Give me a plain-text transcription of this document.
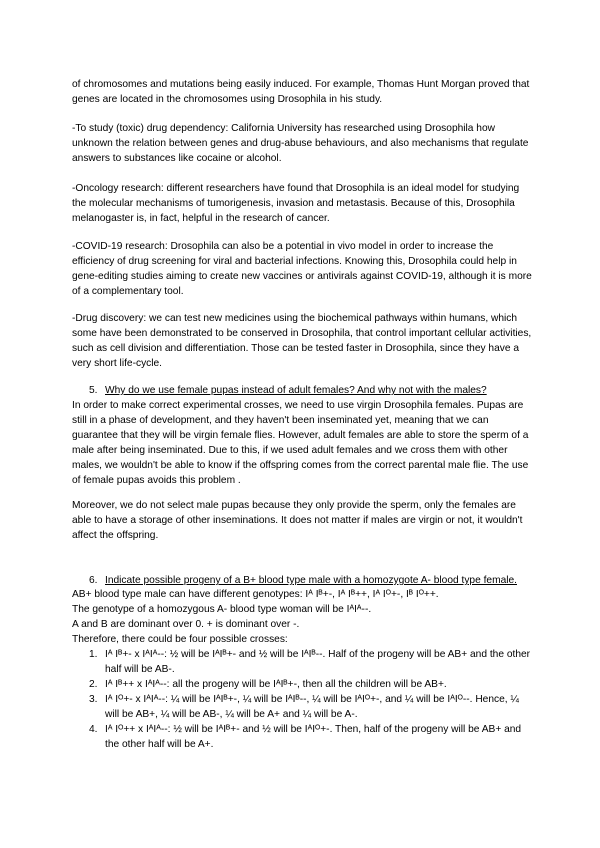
of chromosomes and mutations being easily induced. For example, Thomas Hunt Morgan proved that genes are located in the chromosomes using Drosophila in his study.

-To study (toxic) drug dependency: California University has researched using Drosophila how unknown the relation between genes and drug-abuse behaviours, and also mechanisms that regulate answers to substances like cocaine or alcohol.

-Oncology research: different researchers have found that Drosophila is an ideal model for studying the molecular mechanisms of tumorigenesis, invasion and metastasis. Because of this, Drosophila melanogaster is, in fact, helpful in the research of cancer.

-COVID-19 research: Drosophila can also be a potential in vivo model in order to increase the efficiency of drug screening for viral and bacterial infections. Knowing this, Drosophila could help in gene-editing studies aiming to create new vaccines or antivirals against COVID-19, although it is more of a complementary tool.

-Drug discovery: we can test new medicines using the biochemical pathways within humans, which some have been demonstrated to be conserved in Drosophila, that control important cellular activities, such as cell division and differentiation. Those can be tested faster in Drosophila, since they have a very short life-cycle.

5. Why do we use female pupas instead of adult females? And why not with the males?

In order to make correct experimental crosses, we need to use virgin Drosophila females. Pupas are still in a phase of development, and they haven't been inseminated yet, meaning that we can guarantee that they will be virgin female flies. However, adult females are able to store the sperm of a male after being inseminated. Due to this, if we used adult females and we cross them with other males, we wouldn't be able to know if the offspring comes from the correct parental male flie. The use of female pupas avoids this problem .

Moreover, we do not select male pupas because they only provide the sperm, only the females are able to have a storage of other inseminations. It does not matter if males are virgin or not, it wouldn't affect the offspring.

6. Indicate possible progeny of a B+ blood type male with a homozygote A- blood type female.

AB+ blood type male can have different genotypes: Iᴬ Iᴮ+-, Iᴬ Iᴮ++, Iᴬ Iᴼ+-, Iᴮ Iᴼ++.

The genotype of a homozygous A- blood type woman will be IᴬIᴬ--.

A and B are dominant over 0. + is dominant over -.

Therefore, there could be four possible crosses:

1. Iᴬ Iᴮ+- x IᴬIᴬ--: ½ will be IᴬIᴮ+- and ½ will be IᴬIᴮ--. Half of the progeny will be AB+ and the other half will be AB-.
2. Iᴬ Iᴮ++ x IᴬIᴬ--: all the progeny will be IᴬIᴮ+-, then all the children will be AB+.
3. Iᴬ Iᴼ+- x IᴬIᴬ--: ¼ will be IᴬIᴮ+-, ¼ will be IᴬIᴮ--, ¼ will be IᴬIᴼ+-, and ¼ will be IᴬIᴼ--. Hence, ¼ will be AB+, ¼ will be AB-, ¼ will be A+ and ¼ will be A-.
4. Iᴬ Iᴼ++ x IᴬIᴬ--: ½ will be IᴬIᴮ+- and ½ will be IᴬIᴼ+-. Then, half of the progeny will be AB+ and the other half will be A+.
